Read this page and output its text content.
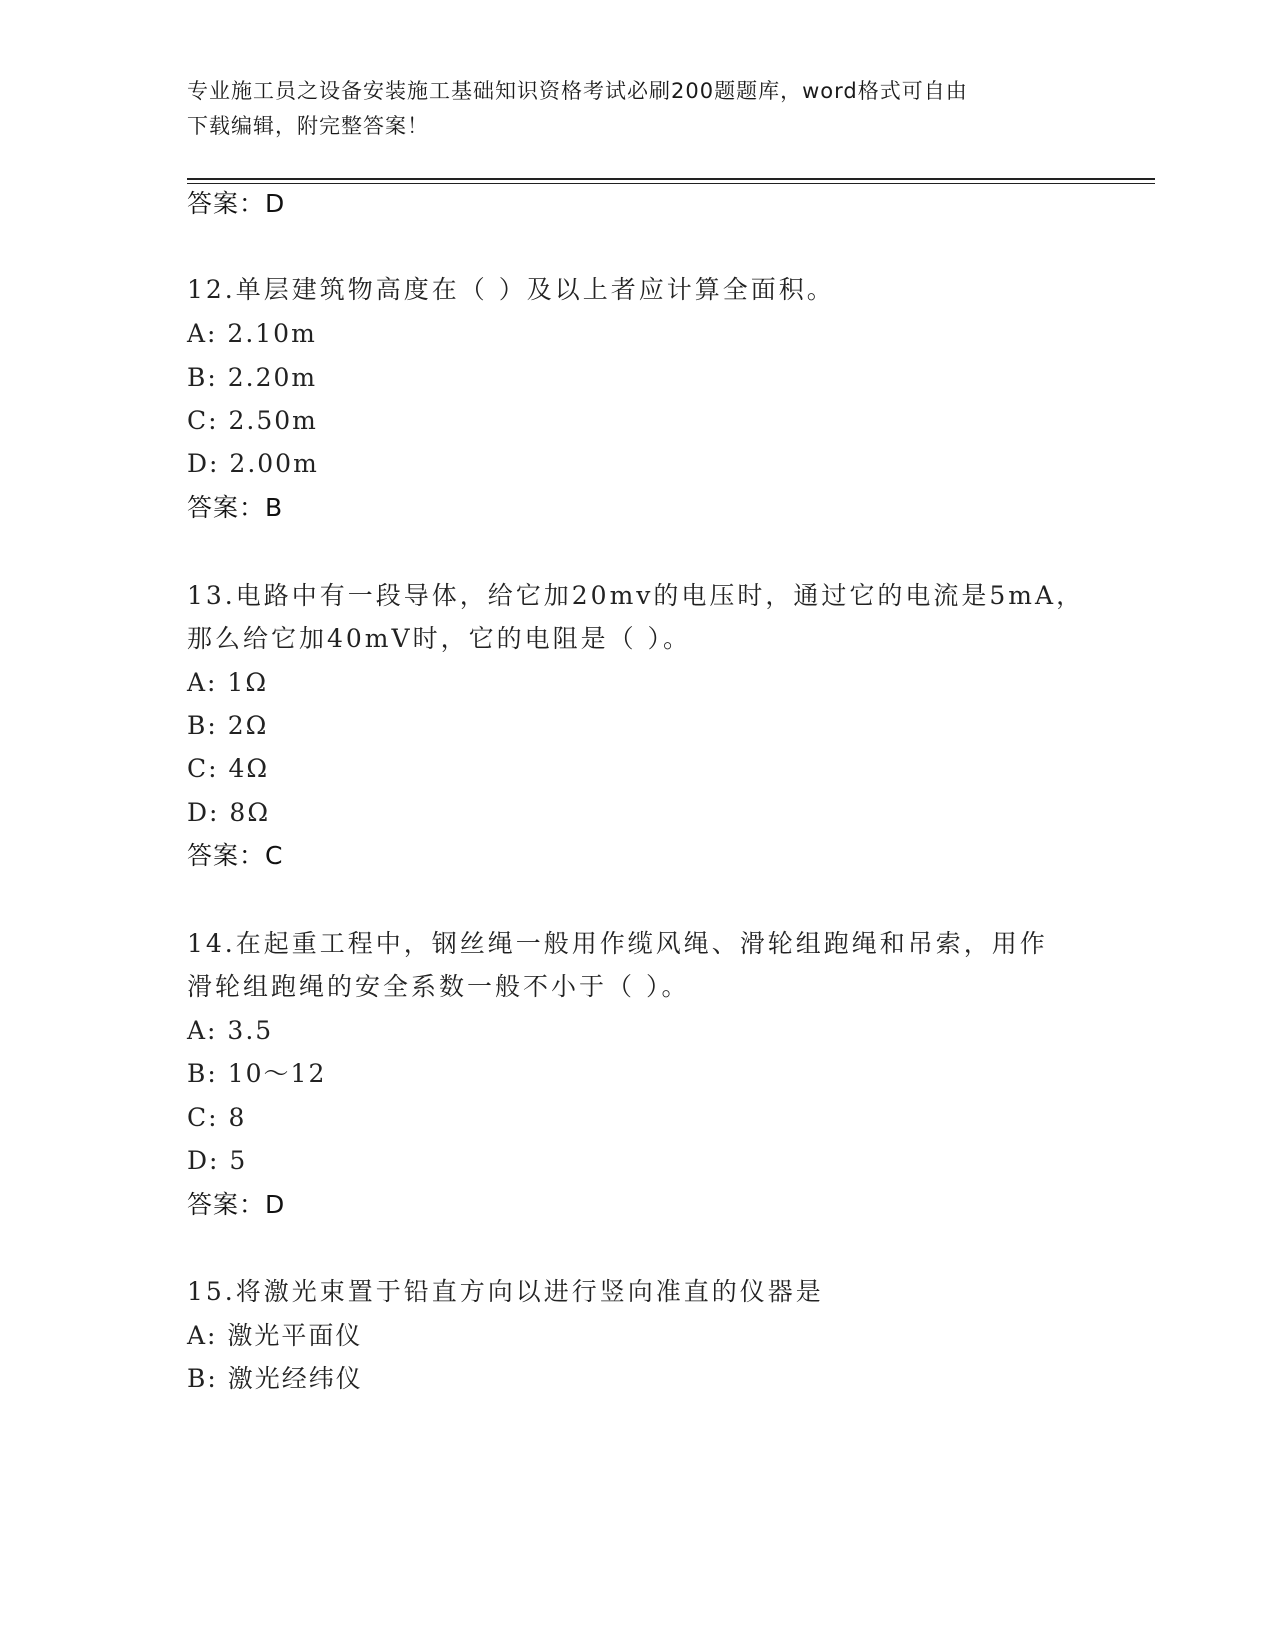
专业施工员之设备安装施工基础知识资格考试必刷200题题库，word格式可自由
下载编辑，附完整答案！
答案：D
12.单层建筑物高度在（ ）及以上者应计算全面积。
A: 2.10m
B: 2.20m
C: 2.50m
D: 2.00m
答案：B
13.电路中有一段导体，给它加20mv的电压时，通过它的电流是5mA，
那么给它加40mV时，它的电阻是（ ）。
A: 1Ω
B: 2Ω
C: 4Ω
D: 8Ω
答案：C
14.在起重工程中，钢丝绳一般用作缆风绳、滑轮组跑绳和吊索，用作
滑轮组跑绳的安全系数一般不小于（ ）。
A: 3.5
B: 10～12
C: 8
D: 5
答案：D
15.将激光束置于铅直方向以进行竖向准直的仪器是
A: 激光平面仪
B: 激光经纬仪
